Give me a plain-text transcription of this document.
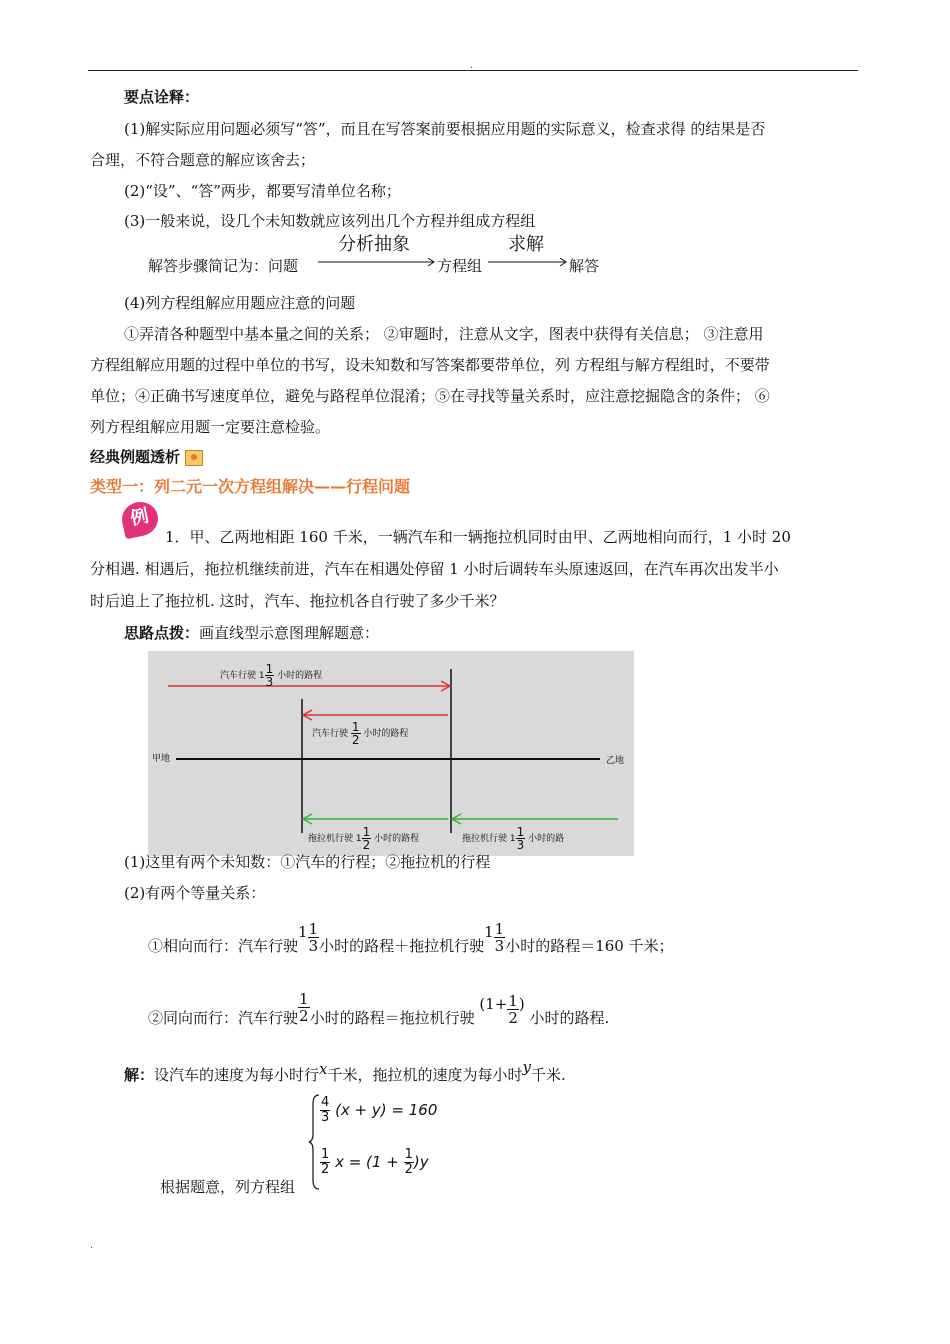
.
要点诠释：
(1)解实际应用问题必须写“答”，而且在写答案前要根据应用题的实际意义，检查求得 的结果是否
合理，不符合题意的解应该舍去；
(2)“设”、“答”两步，都要写清单位名称；
(3)一般来说，设几个未知数就应该列出几个方程并组成方程组
解答步骤简记为：问题
分析抽象
方程组
求解
解答
(4)列方程组解应用题应注意的问题
①弄清各种题型中基本量之间的关系； ②审题时，注意从文字，图表中获得有关信息； ③注意用
方程组解应用题的过程中单位的书写，设未知数和写答案都要带单位，列 方程组与解方程组时，不要带
单位；④正确书写速度单位，避免与路程单位混淆；⑤在寻找等量关系时，应注意挖掘隐含的条件； ⑥
列方程组解应用题一定要注意检验。
经典例题透析
类型一：列二元一次方程组解决——行程问题
例
1．甲、乙两地相距 160 千米，一辆汽车和一辆拖拉机同时由甲、乙两地相向而行，1 小时 20
分相遇. 相遇后，拖拉机继续前进，汽车在相遇处停留 1 小时后调转车头原速返回，在汽车再次出发半小
时后追上了拖拉机. 这时，汽车、拖拉机各自行驶了多少千米？
思路点拨：画直线型示意图理解题意：
汽车行驶 $1 \frac{1}{3}$ 小时的路程
汽车行驶 $\frac{1}{2}$ 小时的路程
甲地	乙地
拖拉机行驶 $1 \frac{1}{2}$ 小时的路程	拖拉机行驶 $1 \frac{1}{3}$ 小时的路
(1)这里有两个未知数：①汽车的行程；②拖拉机的行程
(2)有两个等量关系：
①相向而行：汽车行驶$1 \frac{1}{3}$ 小时的路程＋拖拉机行驶$1 \frac{1}{3}$ 小时的路程＝160 千米；
②同向而行：汽车行驶 $\frac{1}{2}$ 小时的路程＝拖拉机行驶 ($1+ \frac{1}{2}$ ) 小时的路程.
解：设汽车的速度为每小时行x千米，拖拉机的速度为每小时y千米.
根据题意，列方程组
$\frac{4}{3} (x + y) = 160$
$\frac{1}{2}$ $x = (1 + \frac{1}{2} )y$
.
